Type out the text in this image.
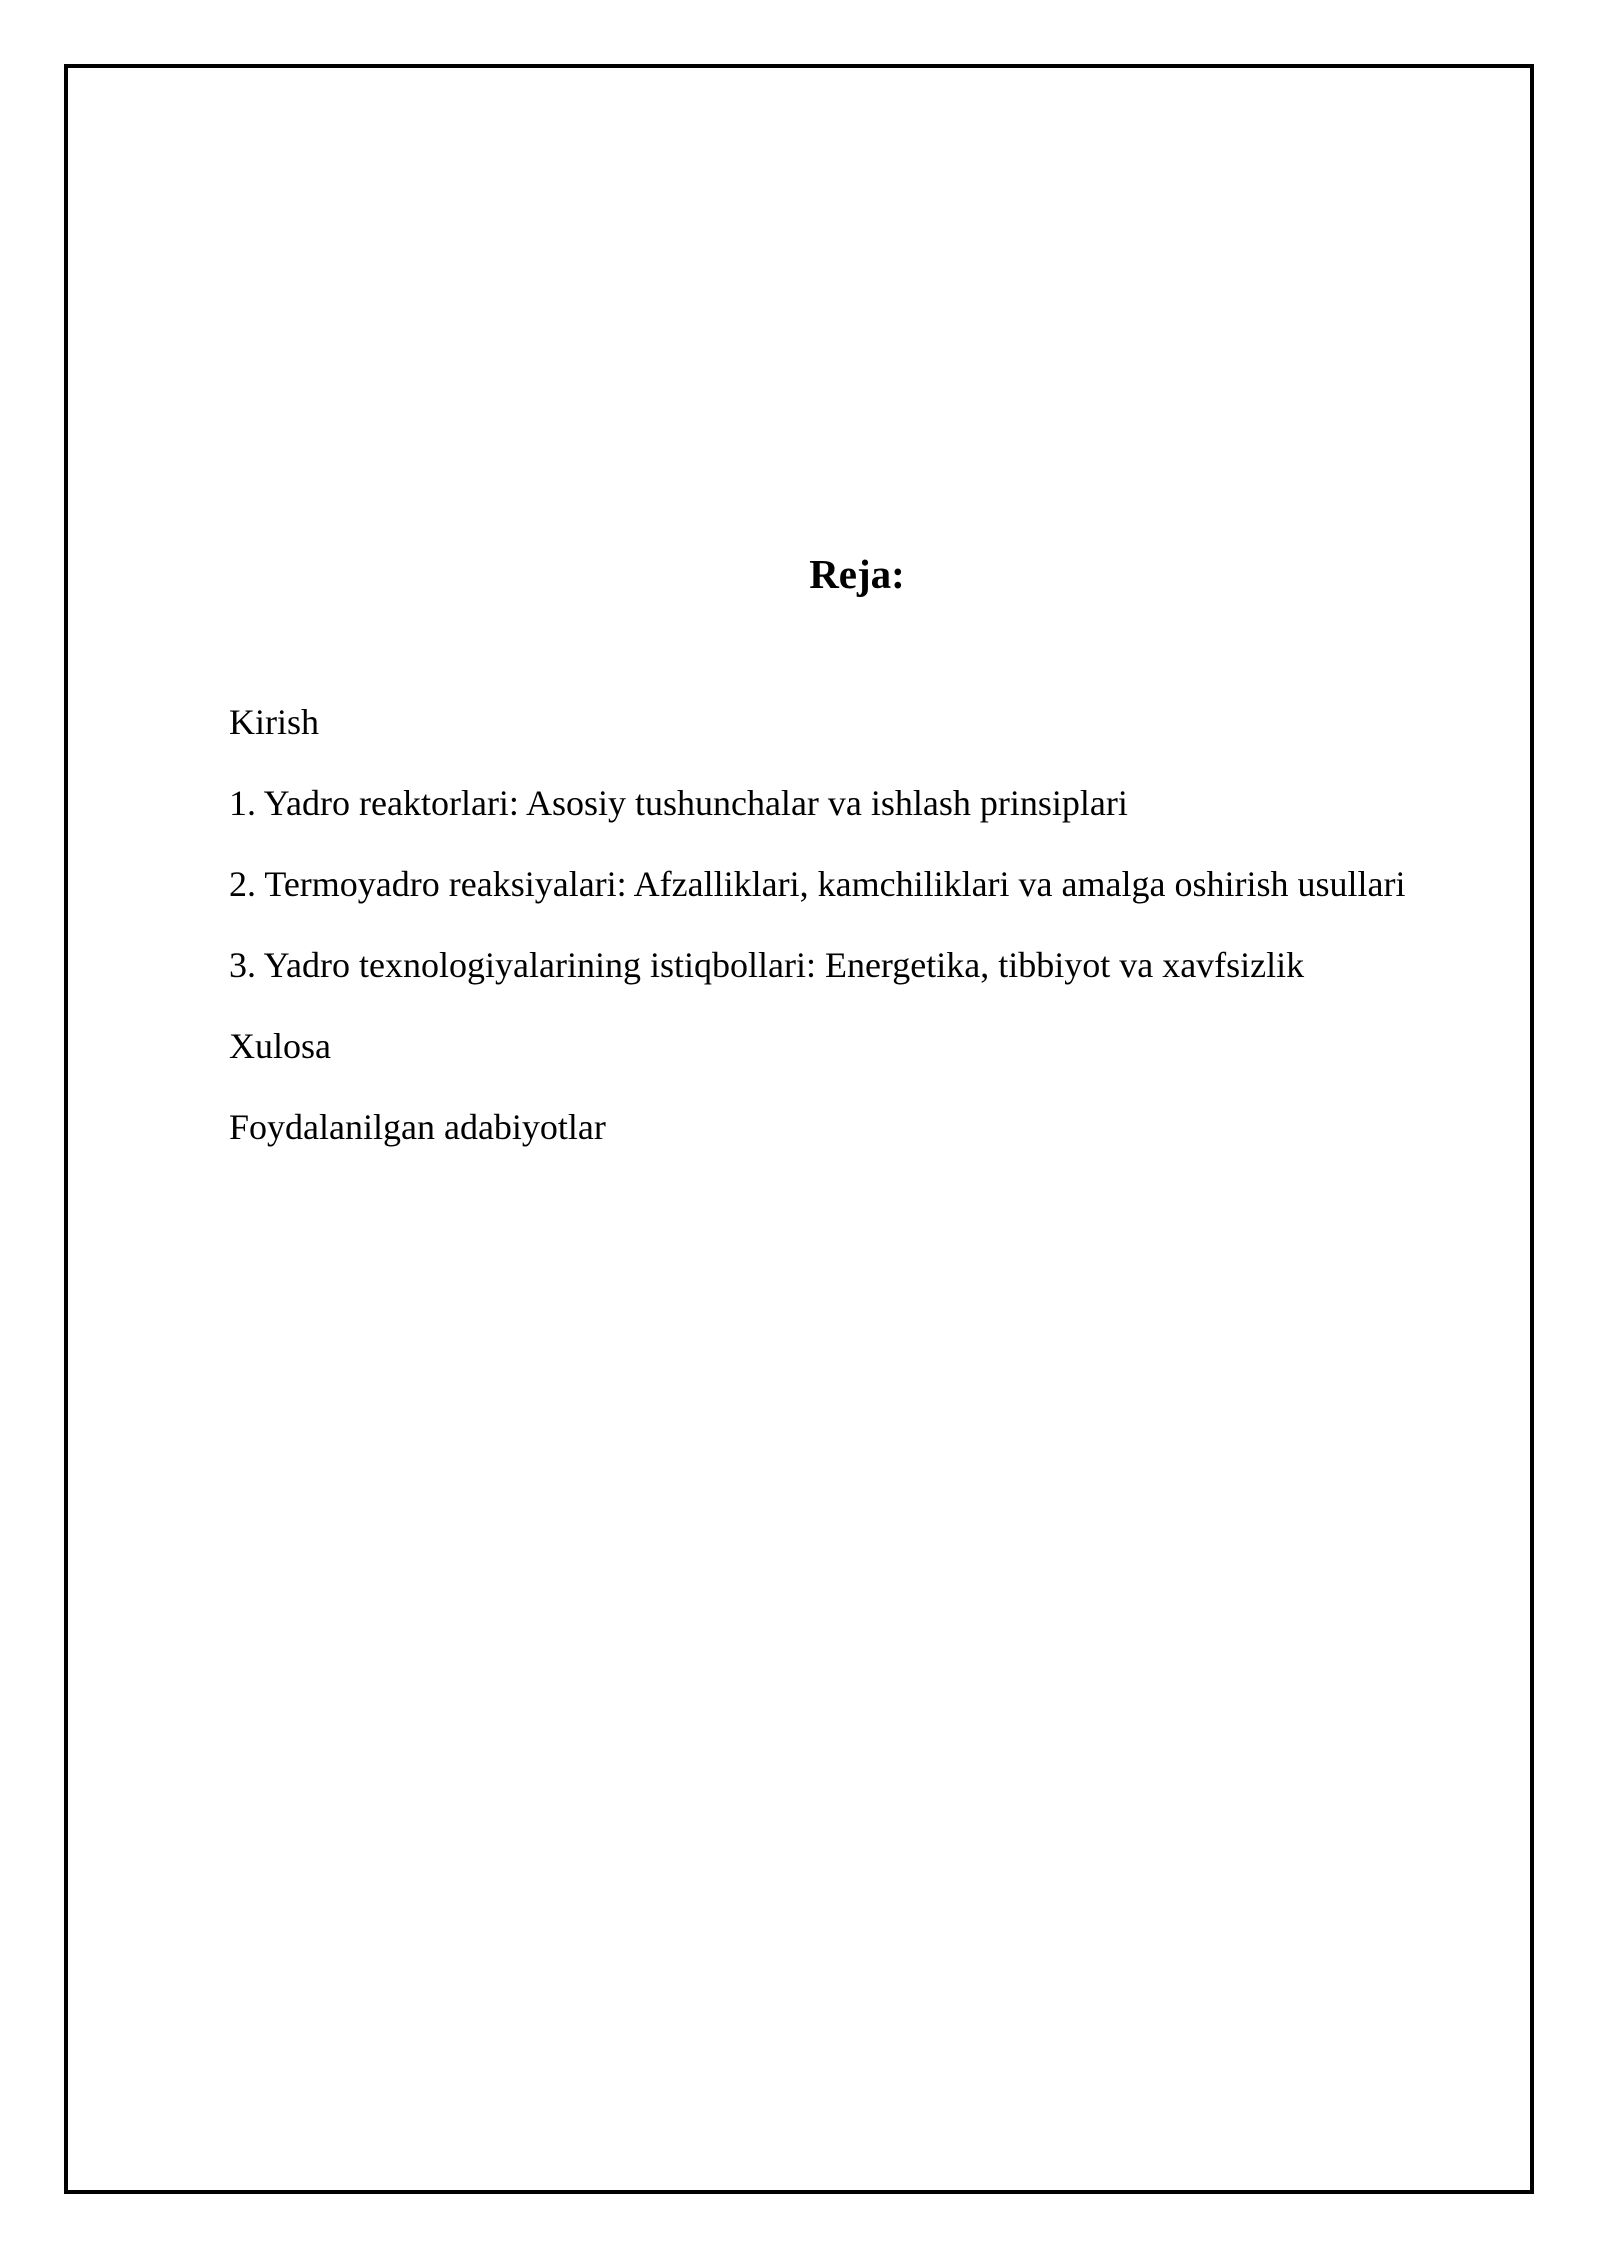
Reja:
Kirish
1. Yadro reaktorlari: Asosiy tushunchalar va ishlash prinsiplari
2. Termoyadro reaksiyalari: Afzalliklari, kamchiliklari va amalga oshirish usullari
3. Yadro texnologiyalarining istiqbollari: Energetika, tibbiyot va xavfsizlik
Xulosa
Foydalanilgan adabiyotlar
